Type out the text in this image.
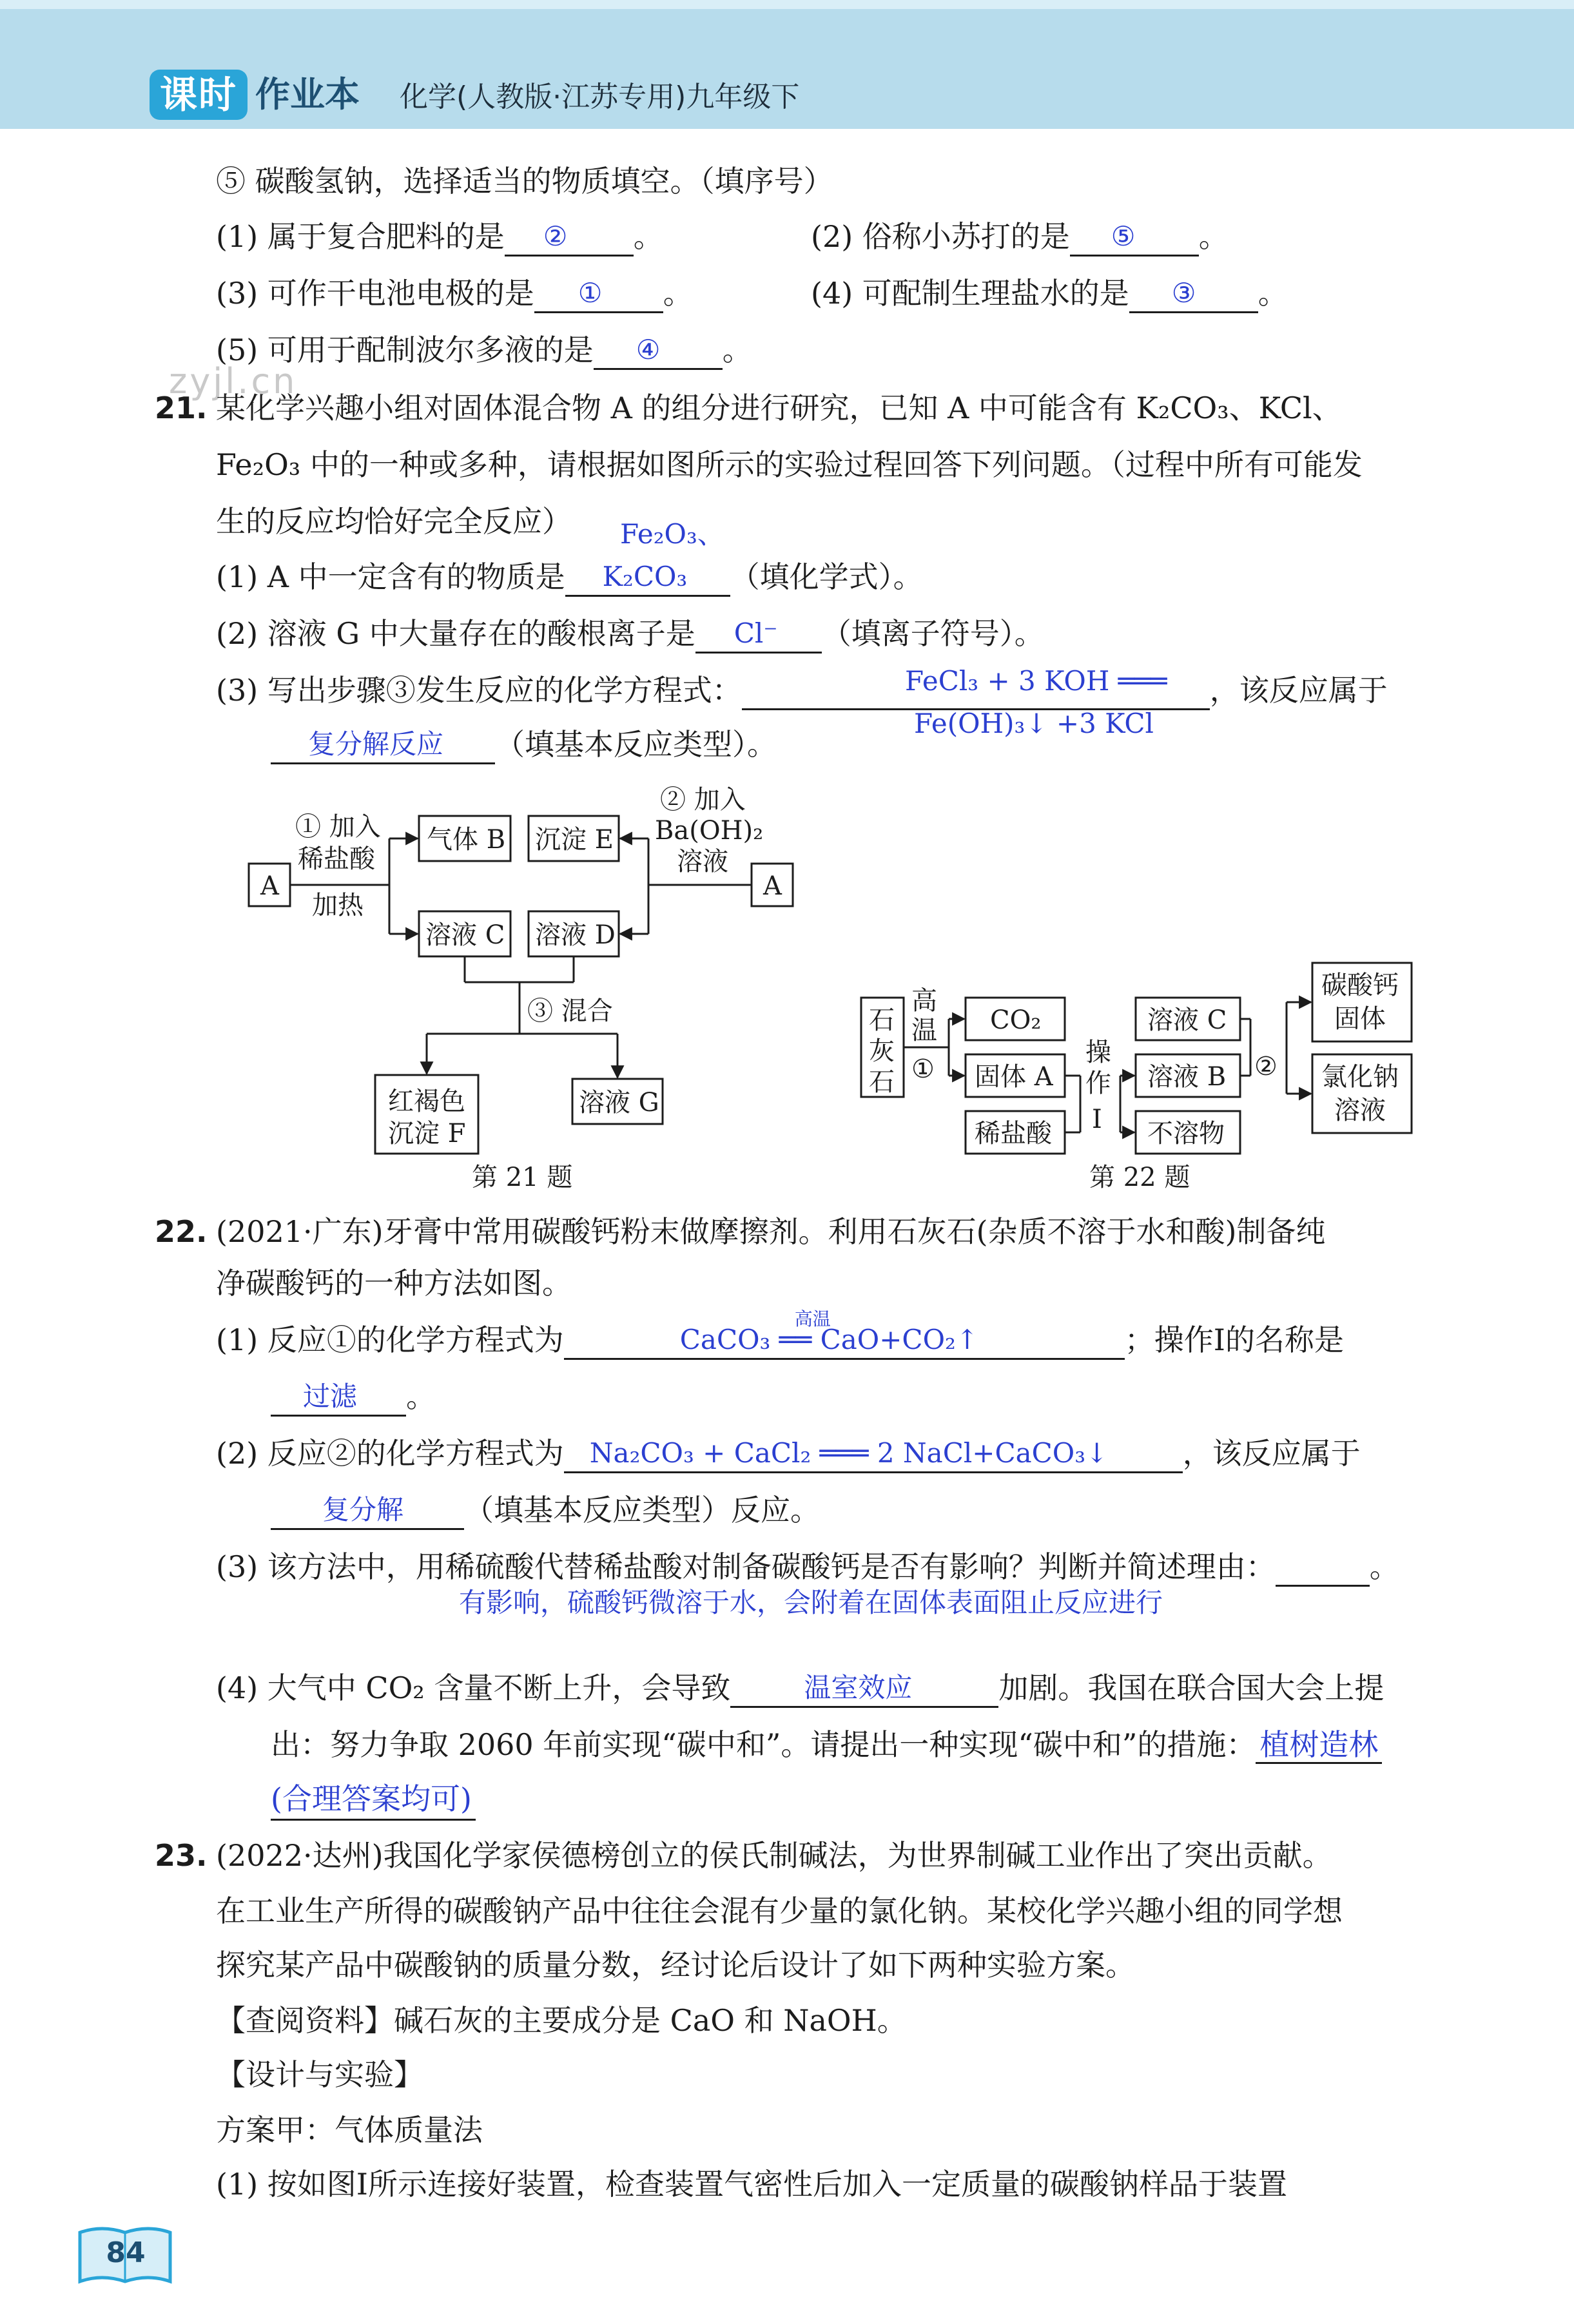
课时 作业本 化学(人教版·江苏专用)九年级下
zyjl.cn
⑤ 碳酸氢钠，选择适当的物质填空。（填序号）
(1) 属于复合肥料的是 ② 。	(2) 俗称小苏打的是 ⑤ 。
(3) 可作干电池电极的是 ① 。	(4) 可配制生理盐水的是 ③ 。
(5) 可用于配制波尔多液的是 ④ 。
21. 某化学兴趣小组对固体混合物 A 的组分进行研究，已知 A 中可能含有 K₂CO₃、KCl、
Fe₂O₃ 中的一种或多种，请根据如图所示的实验过程回答下列问题。（过程中所有可能发
生的反应均恰好完全反应） Fe₂O₃、
(1) A 中一定含有的物质是 K₂CO₃ （填化学式）。
(2) 溶液 G 中大量存在的酸根离子是 Cl⁻ （填离子符号）。
(3) 写出步骤③发生反应的化学方程式：	，该反应属于
FeCl₃ + 3 KOH ═══
Fe(OH)₃↓ +3 KCl
复分解反应 （填基本反应类型）。
① 加入
稀盐酸
加热
② 加入
Ba(OH)₂
溶液
A	A
气体 B 沉淀 E
溶液 C 溶液 D
③ 混合
红褐色
沉淀 F
溶液 G
第 21 题
石
灰
石
高
温
①
CO₂
固体 A
稀盐酸
操
作
Ⅰ
溶液 C
溶液 B
不溶物
②
碳酸钙
固体
氯化钠
溶液
第 22 题
22. (2021·广东)牙膏中常用碳酸钙粉末做摩擦剂。利用石灰石(杂质不溶于水和酸)制备纯
净碳酸钙的一种方法如图。
(1) 反应①的化学方程式为	CaCO₃ ══ CaO+CO₂↑
高温
；操作Ⅰ的名称是
过滤 。
(2) 反应②的化学方程式为 Na₂CO₃ + CaCl₂ ═══ 2 NaCl+CaCO₃↓	，该反应属于
复分解 （填基本反应类型）反应。
(3) 该方法中，用稀硫酸代替稀盐酸对制备碳酸钙是否有影响？判断并简述理由：	。
有影响，硫酸钙微溶于水，会附着在固体表面阻止反应进行
(4) 大气中 CO₂ 含量不断上升，会导致	温室效应	加剧。我国在联合国大会上提
出：努力争取 2060 年前实现“碳中和”。请提出一种实现“碳中和”的措施： 植树造林
(合理答案均可)
23. (2022·达州)我国化学家侯德榜创立的侯氏制碱法，为世界制碱工业作出了突出贡献。
在工业生产所得的碳酸钠产品中往往会混有少量的氯化钠。某校化学兴趣小组的同学想
探究某产品中碳酸钠的质量分数，经讨论后设计了如下两种实验方案。
【查阅资料】碱石灰的主要成分是 CaO 和 NaOH。
【设计与实验】
方案甲：气体质量法
(1) 按如图Ⅰ所示连接好装置，检查装置气密性后加入一定质量的碳酸钠样品于装置
84
